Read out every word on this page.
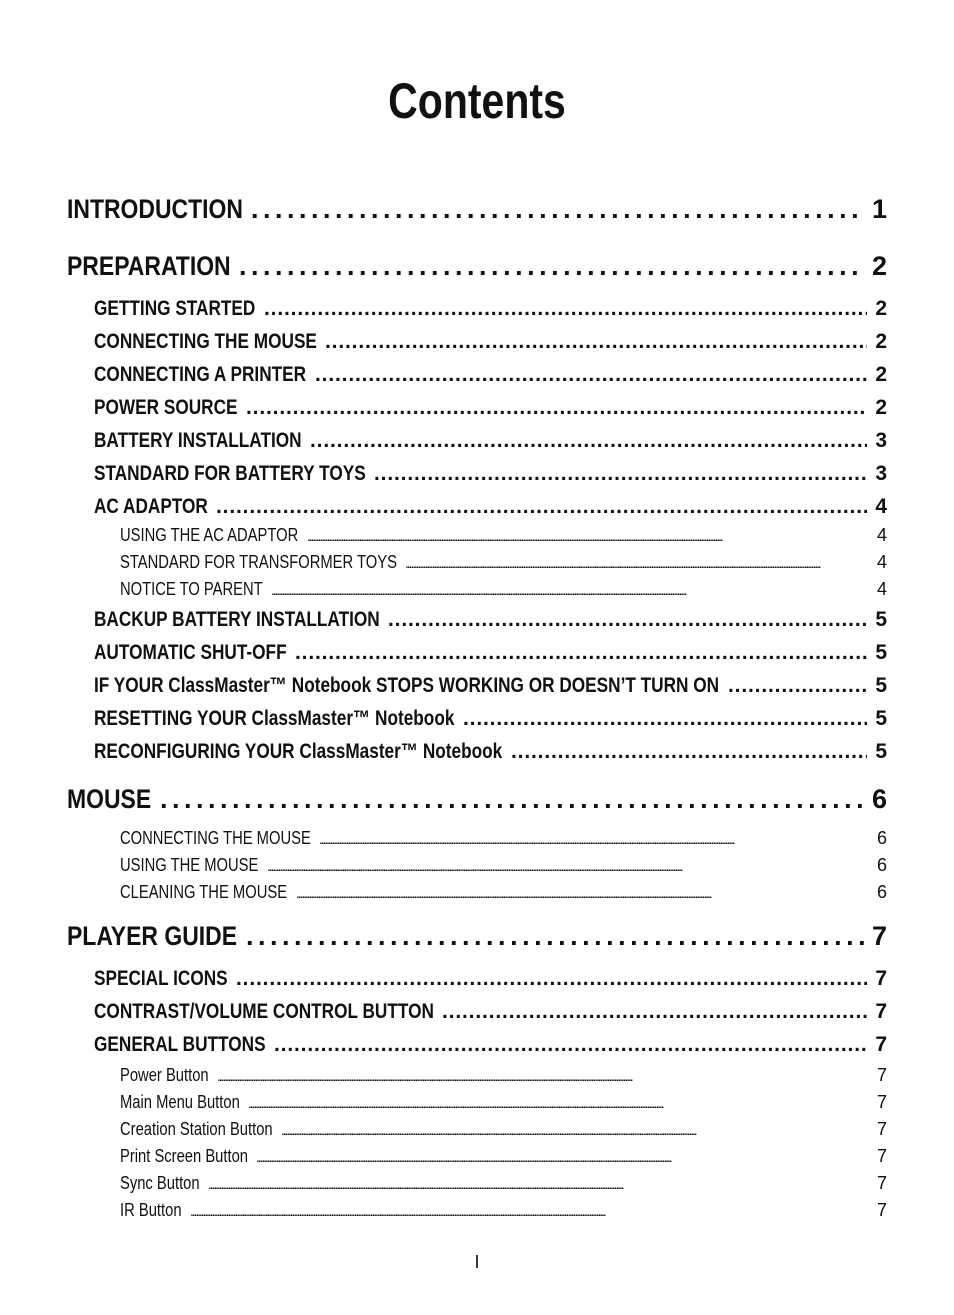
Contents
INTRODUCTION . . .	1
PREPARATION . . .	2
GETTING STARTED . . .	2
CONNECTING THE MOUSE . . .	2
CONNECTING A PRINTER . . .	2
POWER SOURCE . . .	2
BATTERY INSTALLATION . . .	3
STANDARD FOR BATTERY TOYS . . .	3
AC ADAPTOR . . .	4
USING THE AC ADAPTOR . . .	4
STANDARD FOR TRANSFORMER TOYS . . .	4
NOTICE TO PARENT . . .	4
BACKUP BATTERY INSTALLATION . . .	5
AUTOMATIC SHUT-OFF . . .	5
IF YOUR ClassMaster™ Notebook STOPS WORKING OR DOESN’T TURN ON . . .	5
RESETTING YOUR ClassMaster™ Notebook . . .	5
RECONFIGURING YOUR ClassMaster™ Notebook . . .	5
MOUSE . . .	6
CONNECTING THE MOUSE . . .	6
USING THE MOUSE . . .	6
CLEANING THE MOUSE . . .	6
PLAYER GUIDE . . .	7
SPECIAL ICONS . . .	7
CONTRAST/VOLUME CONTROL BUTTON . . .	7
GENERAL BUTTONS . . .	7
Power Button . . .	7
Main Menu Button . . .	7
Creation Station Button . . .	7
Print Screen Button . . .	7
Sync Button . . .	7
IR Button . . .	7
I
